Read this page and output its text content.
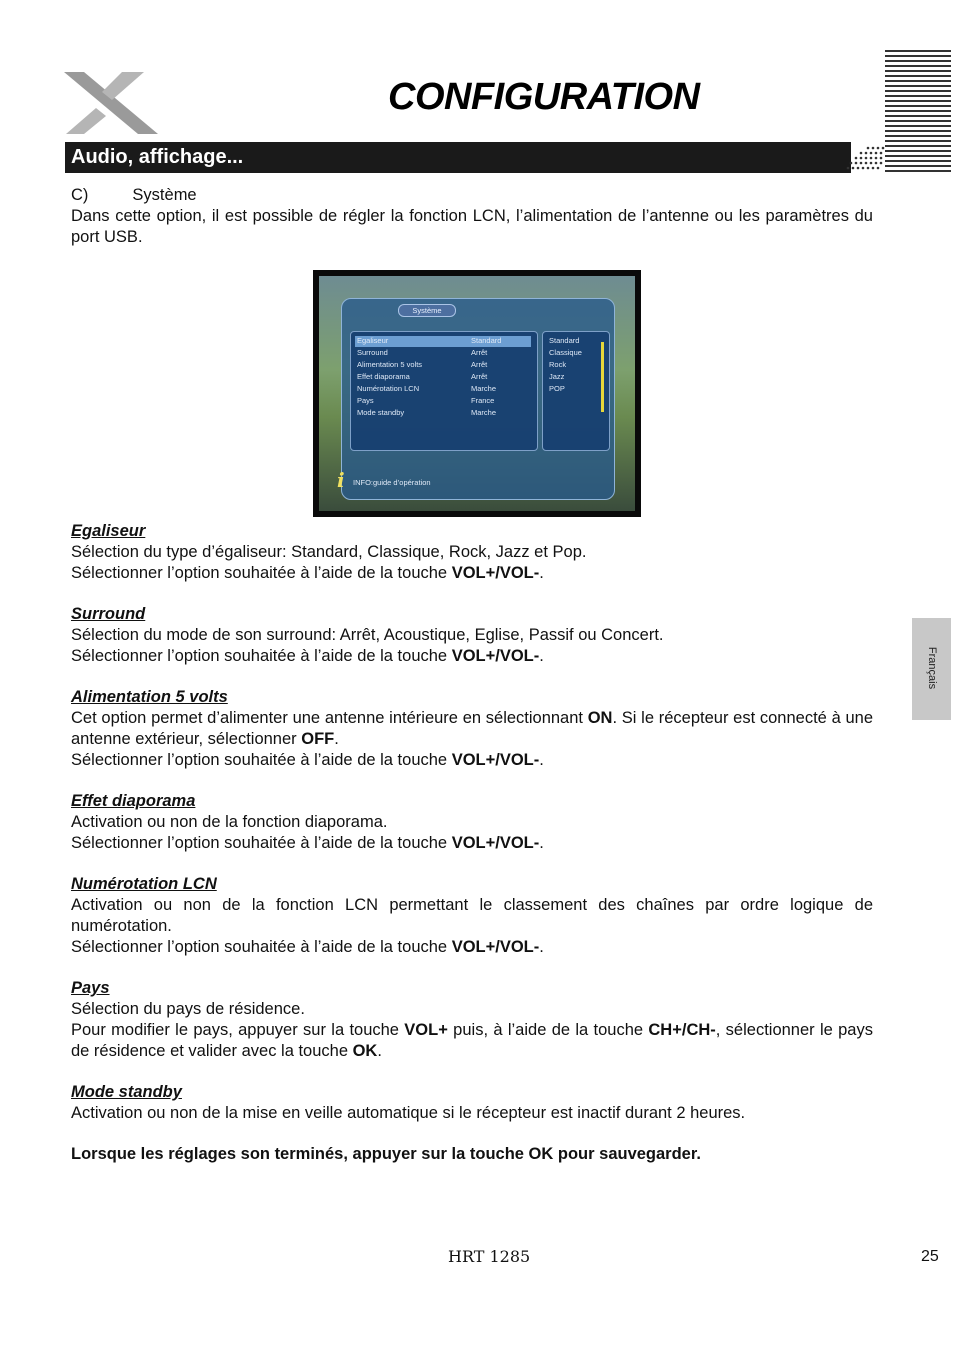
CONFIGURATION
Audio, affichage...

C)	Système

Dans cette option, il est possible de régler la fonction LCN, l’alimentation de l’antenne ou les paramètres du port USB.

Système
Egaliseur	Standard
Surround	Arrêt
Alimentation 5 volts	Arrêt
Effet diaporama	Arrêt
Numérotation LCN	Marche
Pays	France
Mode standby	Marche
Standard
Classique
Rock
Jazz
POP
i INFO:guide d’opération

Egaliseur

Sélection du type d’égaliseur: Standard, Classique, Rock, Jazz et Pop.

Sélectionner l’option souhaitée à l’aide de la touche VOL+/VOL-.

Surround

Sélection du mode de son surround: Arrêt, Acoustique, Eglise, Passif ou Concert.

Sélectionner l’option souhaitée à l’aide de la touche VOL+/VOL-.

Alimentation 5 volts

Cet option permet d’alimenter une antenne intérieure en sélectionnant ON. Si le récepteur est connecté à une antenne extérieur, sélectionner OFF.

Sélectionner l’option souhaitée à l’aide de la touche VOL+/VOL-.

Effet diaporama

Activation ou non de la fonction diaporama.

Sélectionner l’option souhaitée à l’aide de la touche VOL+/VOL-.

Numérotation LCN

Activation ou non de la fonction LCN permettant le classement des chaînes par ordre logique de numérotation.

Sélectionner l’option souhaitée à l’aide de la touche VOL+/VOL-.

Pays

Sélection du pays de résidence.

Pour modifier le pays, appuyer sur la touche VOL+ puis, à l’aide de la touche CH+/CH-, sélectionner le pays de résidence et valider avec la touche OK.

Mode standby

Activation ou non de la mise en veille automatique si le récepteur est inactif durant 2 heures.

Lorsque les réglages son terminés, appuyer sur la touche OK pour sauvegarder.

Français
HRT 1285	25
